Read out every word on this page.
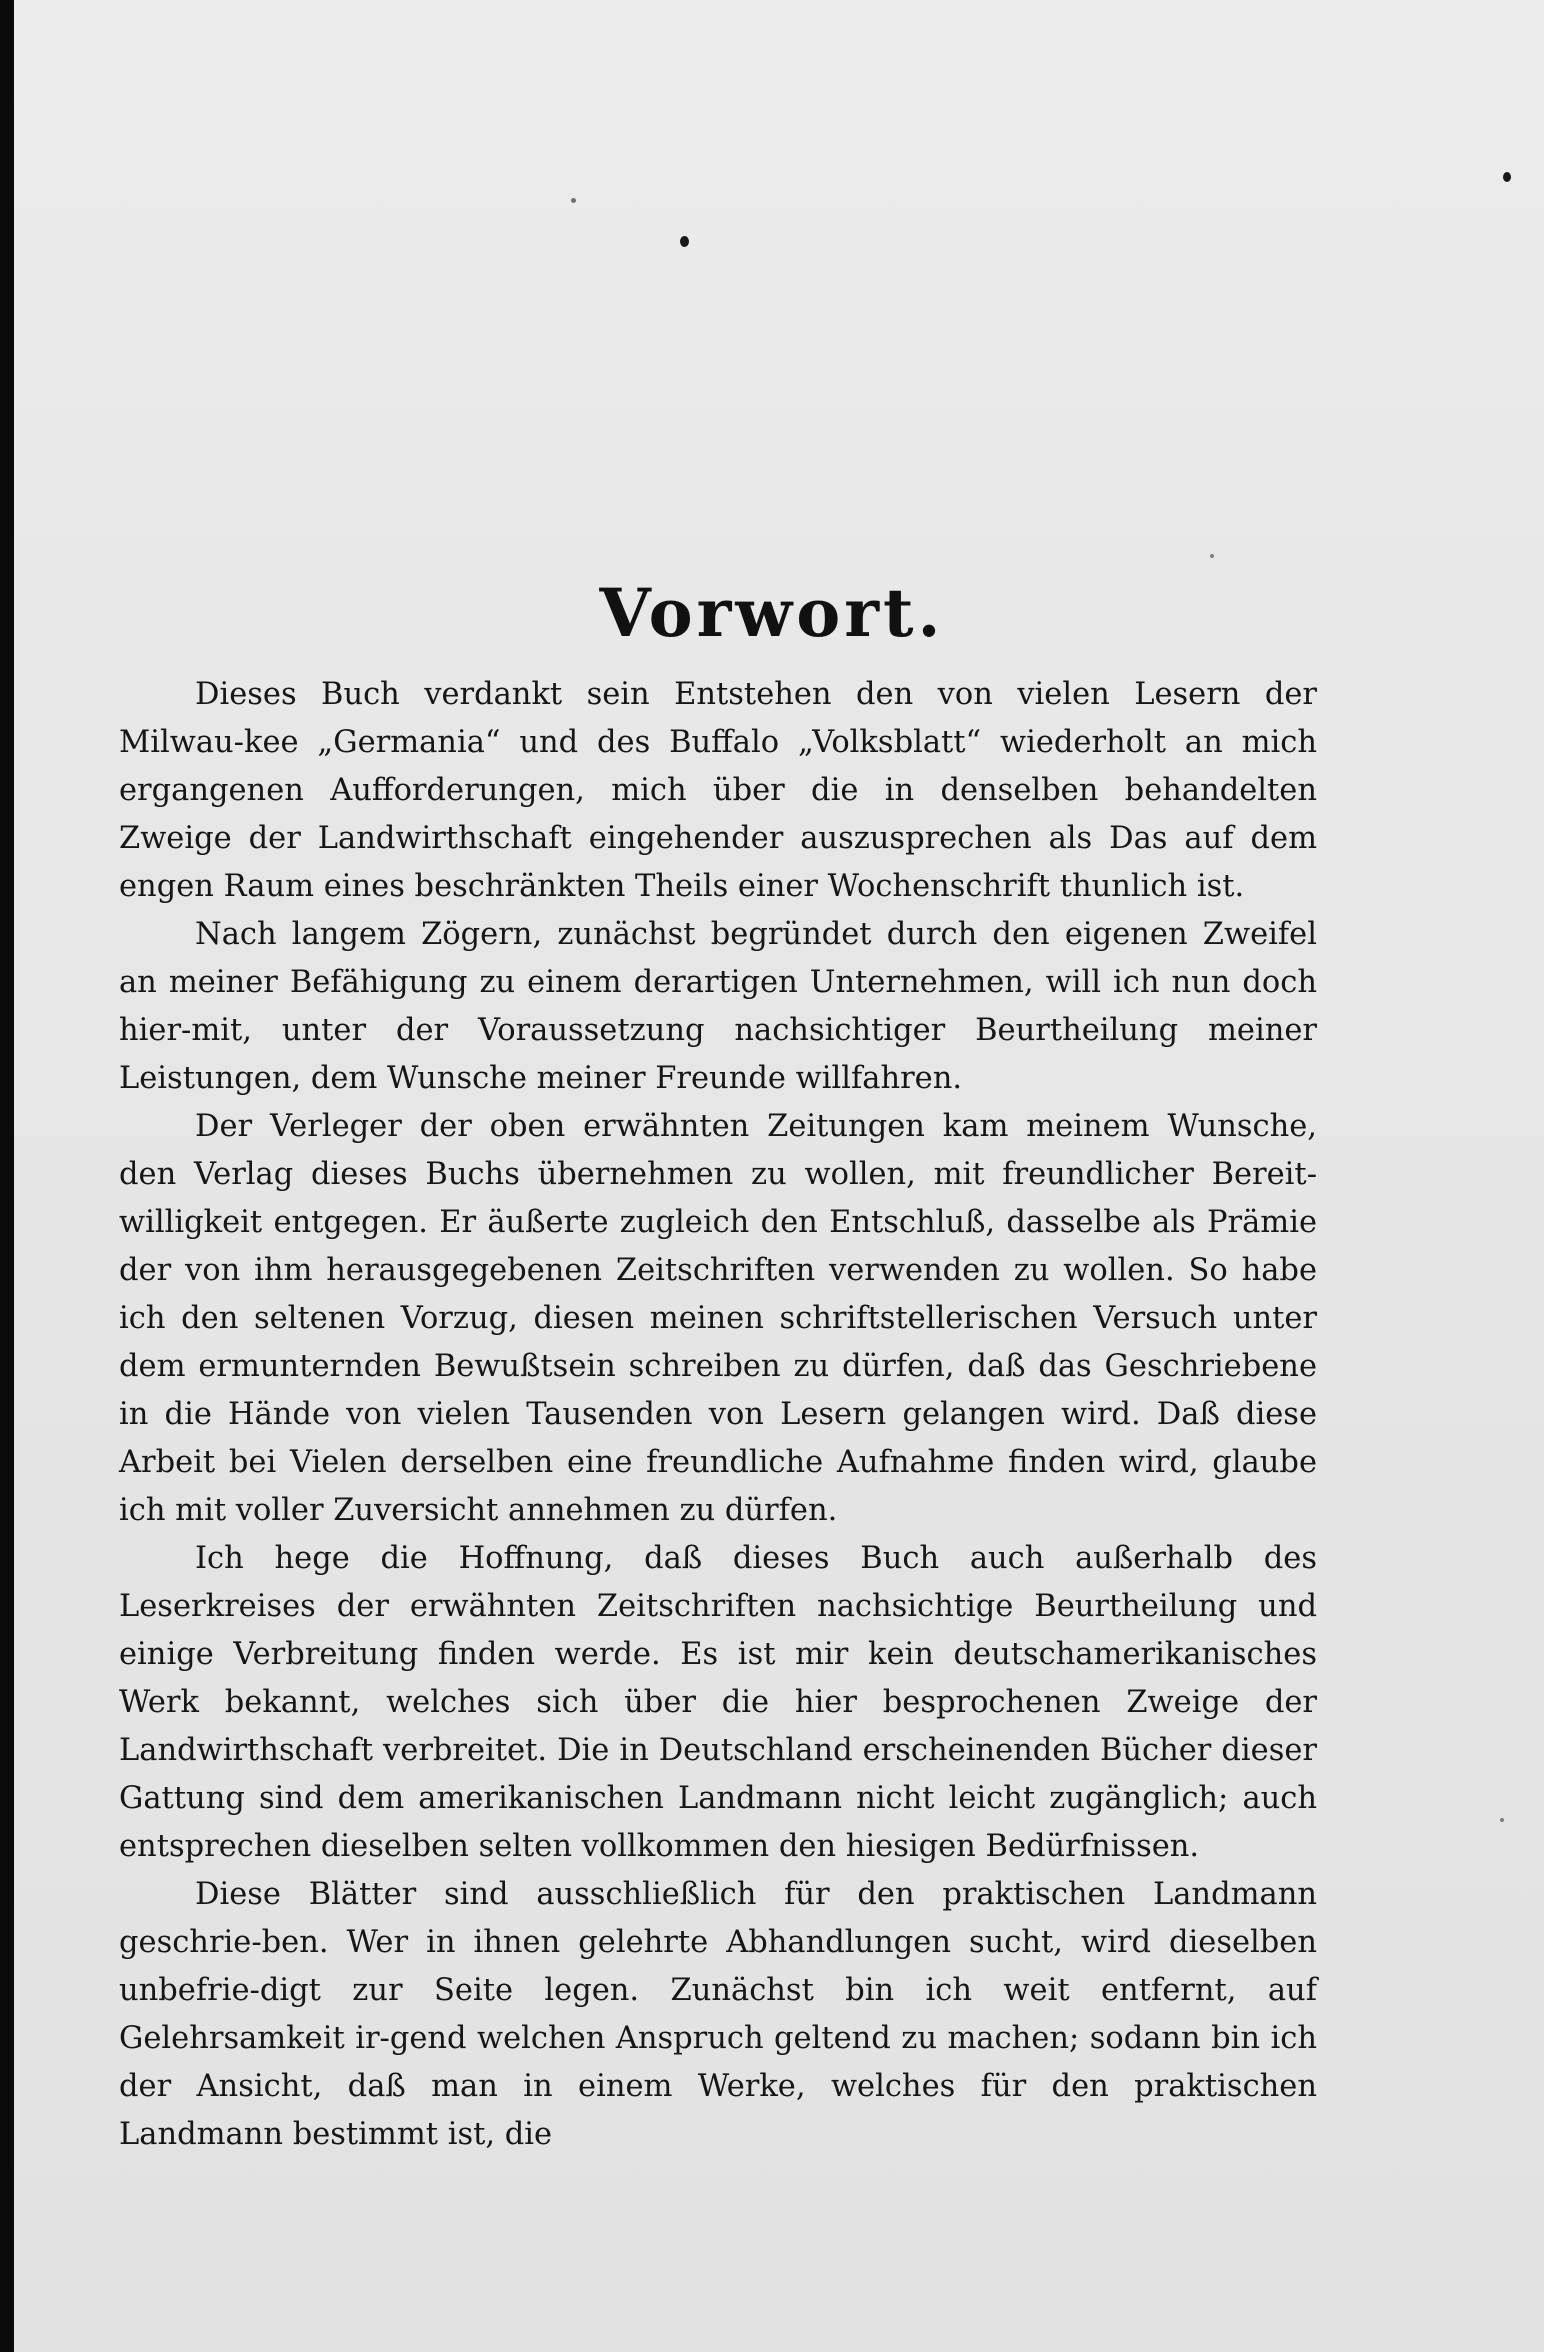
Vorwort.

Dieses Buch verdankt sein Entstehen den von vielen Lesern der Milwau-kee „Germania“ und des Buffalo „Volksblatt“ wiederholt an mich ergangenen Aufforderungen, mich über die in denselben behandelten Zweige der Landwirthschaft eingehender auszusprechen als Das auf dem engen Raum eines beschränkten Theils einer Wochenschrift thunlich ist.

Nach langem Zögern, zunächst begründet durch den eigenen Zweifel an meiner Befähigung zu einem derartigen Unternehmen, will ich nun doch hier-mit, unter der Voraussetzung nachsichtiger Beurtheilung meiner Leistungen, dem Wunsche meiner Freunde willfahren.

Der Verleger der oben erwähnten Zeitungen kam meinem Wunsche, den Verlag dieses Buchs übernehmen zu wollen, mit freundlicher Bereit-willigkeit entgegen. Er äußerte zugleich den Entschluß, dasselbe als Prämie der von ihm herausgegebenen Zeitschriften verwenden zu wollen. So habe ich den seltenen Vorzug, diesen meinen schriftstellerischen Versuch unter dem ermunternden Bewußtsein schreiben zu dürfen, daß das Geschriebene in die Hände von vielen Tausenden von Lesern gelangen wird. Daß diese Arbeit bei Vielen derselben eine freundliche Aufnahme finden wird, glaube ich mit voller Zuversicht annehmen zu dürfen.

Ich hege die Hoffnung, daß dieses Buch auch außerhalb des Leserkreises der erwähnten Zeitschriften nachsichtige Beurtheilung und einige Verbreitung finden werde. Es ist mir kein deutschamerikanisches Werk bekannt, welches sich über die hier besprochenen Zweige der Landwirthschaft verbreitet. Die in Deutschland erscheinenden Bücher dieser Gattung sind dem amerikanischen Landmann nicht leicht zugänglich; auch entsprechen dieselben selten vollkommen den hiesigen Bedürfnissen.

Diese Blätter sind ausschließlich für den praktischen Landmann geschrie-ben. Wer in ihnen gelehrte Abhandlungen sucht, wird dieselben unbefrie-digt zur Seite legen. Zunächst bin ich weit entfernt, auf Gelehrsamkeit ir-gend welchen Anspruch geltend zu machen; sodann bin ich der Ansicht, daß man in einem Werke, welches für den praktischen Landmann bestimmt ist, die
